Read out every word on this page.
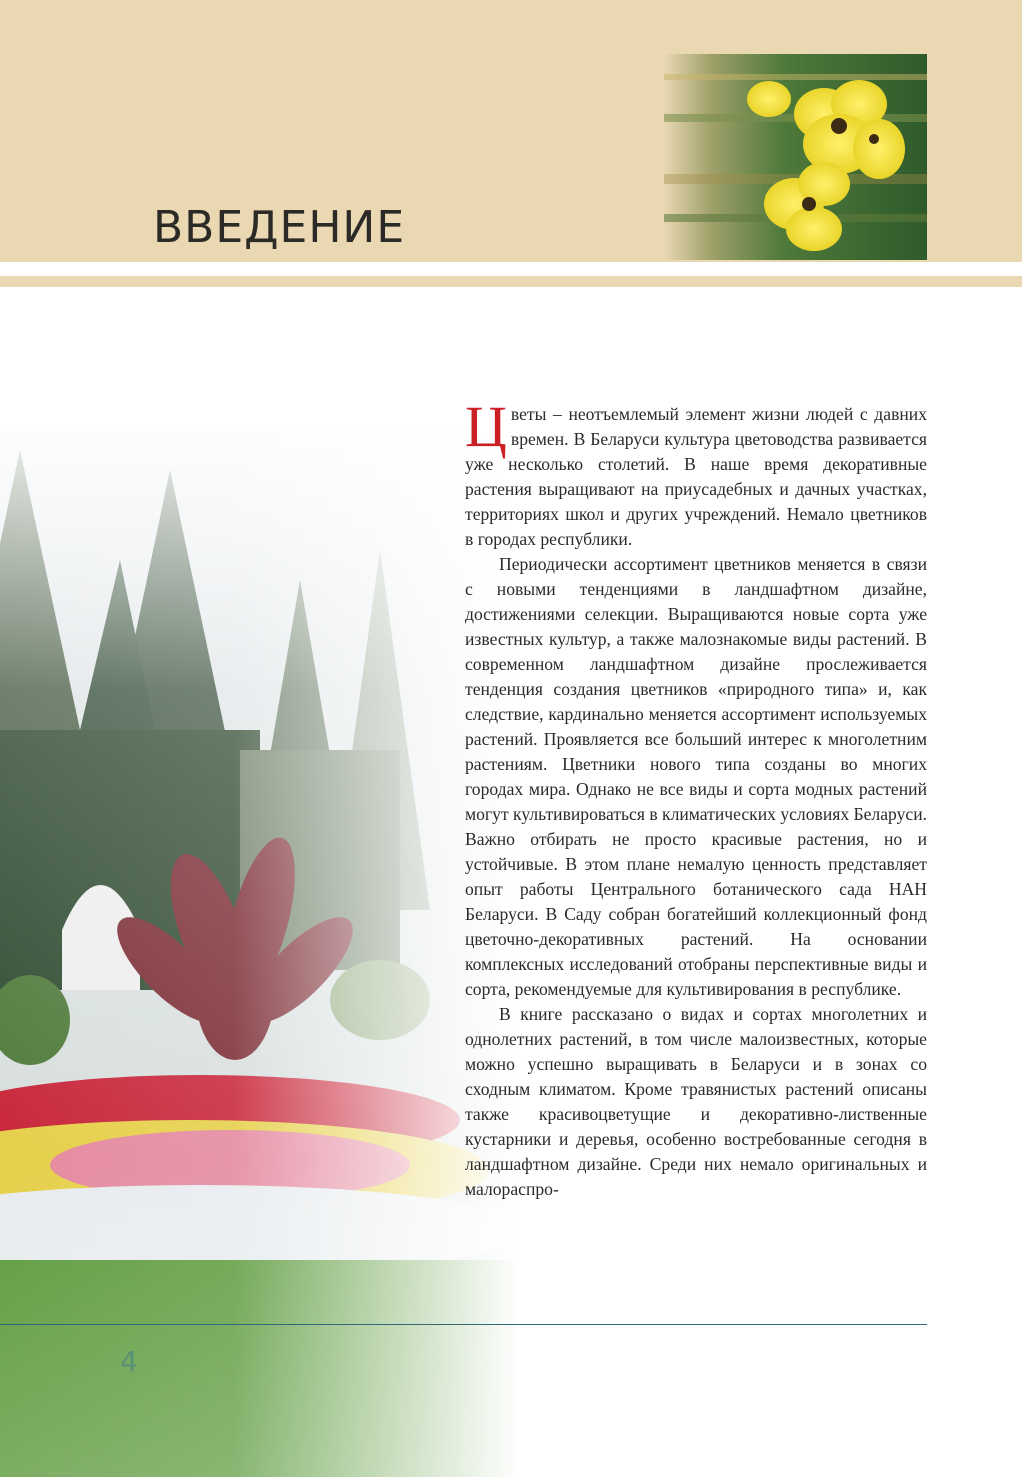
ВВЕДЕНИЕ

Цветы – неотъемлемый элемент жизни людей с давних времен. В Беларуси культура цветоводства развивается уже несколько столетий. В наше время декоративные растения выращивают на приусадебных и дачных участках, территориях школ и других учреждений. Немало цветников в городах республики.

Периодически ассортимент цветников меняется в связи с новыми тенденциями в ландшафтном дизайне, достижениями селекции. Выращиваются новые сорта уже известных культур, а также малознакомые виды растений. В современном ландшафтном дизайне прослеживается тенденция создания цветников «природного типа» и, как следствие, кардинально меняется ассортимент используемых растений. Проявляется все больший интерес к многолетним растениям. Цветники нового типа созданы во многих городах мира. Однако не все виды и сорта модных растений могут культивироваться в климатических условиях Беларуси. Важно отбирать не просто красивые растения, но и устойчивые. В этом плане немалую ценность представляет опыт работы Центрального ботанического сада НАН Беларуси. В Саду собран богатейший коллекционный фонд цветочно-декоративных растений. На основании комплексных исследований отобраны перспективные виды и сорта, рекомендуемые для культивирования в республике.

В книге рассказано о видах и сортах многолетних и однолетних растений, в том числе малоизвестных, которые можно успешно выращивать в Беларуси и в зонах со сходным климатом. Кроме травянистых растений описаны также красивоцветущие и декоративно-лиственные кустарники и деревья, особенно востребованные сегодня в ландшафтном дизайне. Среди них немало оригинальных и малораспро-

4
